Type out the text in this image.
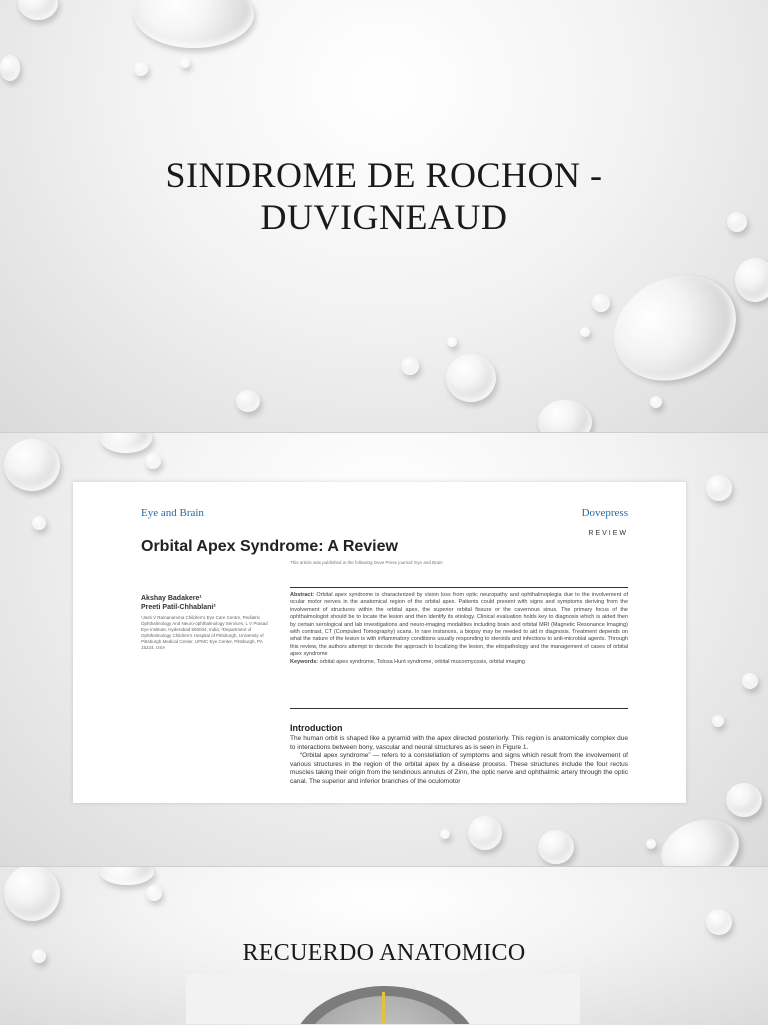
SINDROME DE ROCHON -
DUVIGNEAUD
Eye and Brain	Dovepress
REVIEW
Orbital Apex Syndrome: A Review
This article was published in the following Dove Press journal: Eye and Brain
Akshay Badakere¹
Preeti Patil-Chhablani²
¹Jasti V Ramanamma Children's Eye Care Centre, Pediatric Ophthalmology And Neuro-ophthalmology Services, L V Prasad Eye Institute, Hyderabad 500034, India; ²Department of Ophthalmology Children's Hospital of Pittsburgh, University of Pittsburgh Medical Center, UPMC Eye Center, Pittsburgh, PA 15224, USA
Abstract: Orbital apex syndrome is characterized by vision loss from optic neuropathy and ophthalmoplegia due to the involvement of ocular motor nerves in the anatomical region of the orbital apex. Patients could present with signs and symptoms deriving from the involvement of structures within the orbital apex, the superior orbital fissure or the cavernous sinus. The primary focus of the ophthalmologist should be to locate the lesion and then identify its etiology. Clinical evaluation holds key to diagnosis which is aided then by certain serological and lab investigations and neuro-imaging modalities including brain and orbital MRI (Magnetic Resonance Imaging) with contrast, CT (Computed Tomography) scans. In rare instances, a biopsy may be needed to aid in diagnosis. Treatment depends on what the nature of the lesion is with inflammatory conditions usually responding to steroids and infections to anti-microbial agents. Through this review, the authors attempt to decode the approach to localizing the lesion, the etiopathology and the management of cases of orbital apex syndrome
Keywords: orbital apex syndrome, Tolosa Hunt syndrome, orbital mucormycosis, orbital imaging
Introduction
The human orbit is shaped like a pyramid with the apex directed posteriorly. This region is anatomically complex due to interactions between bony, vascular and neural structures as is seen in Figure 1.
“Orbital apex syndrome” — refers to a constellation of symptoms and signs which result from the involvement of various structures in the region of the orbital apex by a disease process. These structures include the four rectus muscles taking their origin from the tendinous annulus of Zinn, the optic nerve and ophthalmic artery through the optic canal. The superior and inferior branches of the oculomotor
RECUERDO ANATOMICO
